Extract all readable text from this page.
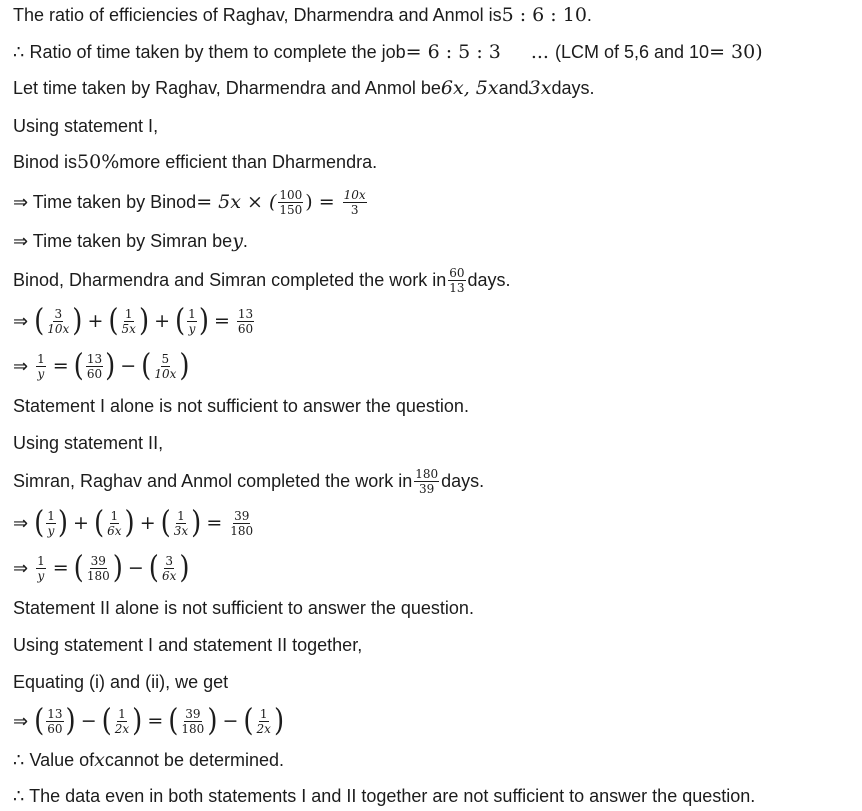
The ratio of efficiencies of Raghav, Dharmendra and Anmol is 5 : 6 : 10 .
∴ Ratio of time taken by them to complete the job = 6 : 5 : 3 ... (LCM of 5,6 and 10 = 30)
Let time taken by Raghav, Dharmendra and Anmol be 6x, 5x and 3x days.
Using statement I,
Binod is 50% more efficient than Dharmendra.
⇒ Time taken by Binod = 5x × ( $\frac{100}{150}$ ) = $\frac{10x}{3}$
⇒ Time taken by Simran be y .
Binod, Dharmendra and Simran completed the work in $\frac{60}{13}$ days.
⇒ ( $\frac{3}{10x}$ ) + ( $\frac{1}{5x}$ ) + ( $\frac{1}{y}$ ) = $\frac{13}{60}$
⇒ $\frac{1}{y}$ = ( $\frac{13}{60}$ ) − ( $\frac{5}{10x}$ )
Statement I alone is not sufficient to answer the question.
Using statement II,
Simran, Raghav and Anmol completed the work in $\frac{180}{39}$ days.
⇒ ( $\frac{1}{y}$ ) + ( $\frac{1}{6x}$ ) + ( $\frac{1}{3x}$ ) = $\frac{39}{180}$
⇒ $\frac{1}{y}$ = ( $\frac{39}{180}$ ) − ( $\frac{3}{6x}$ )
Statement II alone is not sufficient to answer the question.
Using statement I and statement II together,
Equating (i) and (ii), we get
⇒ ( $\frac{13}{60}$ ) − ( $\frac{1}{2x}$ ) = ( $\frac{39}{180}$ ) − ( $\frac{1}{2x}$ )
∴ Value of x cannot be determined.
∴ The data even in both statements I and II together are not sufficient to answer the question.
